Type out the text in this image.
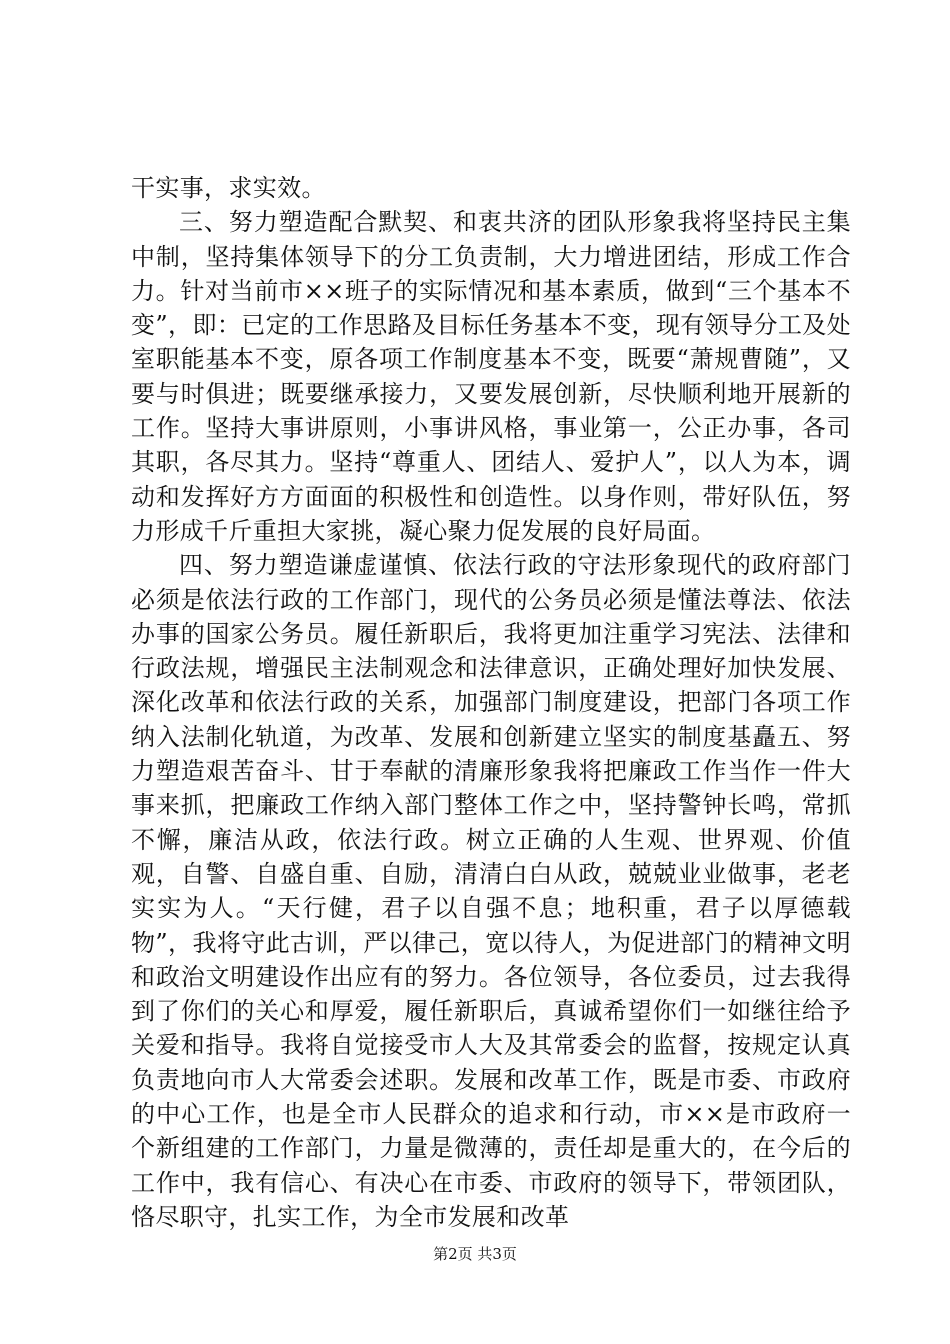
干实事，求实效。

三、努力塑造配合默契、和衷共济的团队形象我将坚持民主集中制，坚持集体领导下的分工负责制，大力增进团结，形成工作合力。针对当前市××班子的实际情况和基本素质，做到“三个基本不变”，即：已定的工作思路及目标任务基本不变，现有领导分工及处室职能基本不变，原各项工作制度基本不变，既要“萧规曹随”，又要与时俱进；既要继承接力，又要发展创新，尽快顺利地开展新的工作。坚持大事讲原则，小事讲风格，事业第一，公正办事，各司其职，各尽其力。坚持“尊重人、团结人、爱护人”，以人为本，调动和发挥好方方面面的积极性和创造性。以身作则，带好队伍，努力形成千斤重担大家挑，凝心聚力促发展的良好局面。

四、努力塑造谦虚谨慎、依法行政的守法形象现代的政府部门必须是依法行政的工作部门，现代的公务员必须是懂法尊法、依法办事的国家公务员。履任新职后，我将更加注重学习宪法、法律和行政法规，增强民主法制观念和法律意识，正确处理好加快发展、深化改革和依法行政的关系，加强部门制度建设，把部门各项工作纳入法制化轨道，为改革、发展和创新建立坚实的制度基矗五、努力塑造艰苦奋斗、甘于奉献的清廉形象我将把廉政工作当作一件大事来抓，把廉政工作纳入部门整体工作之中，坚持警钟长鸣，常抓不懈，廉洁从政，依法行政。树立正确的人生观、世界观、价值观，自警、自盛自重、自励，清清白白从政，兢兢业业做事，老老实实为人。“天行健，君子以自强不息；地积重，君子以厚德载物”，我将守此古训，严以律己，宽以待人，为促进部门的精神文明和政治文明建设作出应有的努力。各位领导，各位委员，过去我得到了你们的关心和厚爱，履任新职后，真诚希望你们一如继往给予关爱和指导。我将自觉接受市人大及其常委会的监督，按规定认真负责地向市人大常委会述职。发展和改革工作，既是市委、市政府的中心工作，也是全市人民群众的追求和行动，市××是市政府一个新组建的工作部门，力量是微薄的，责任却是重大的，在今后的工作中，我有信心、有决心在市委、市政府的领导下，带领团队，恪尽职守，扎实工作，为全市发展和改革

第2页 共3页
